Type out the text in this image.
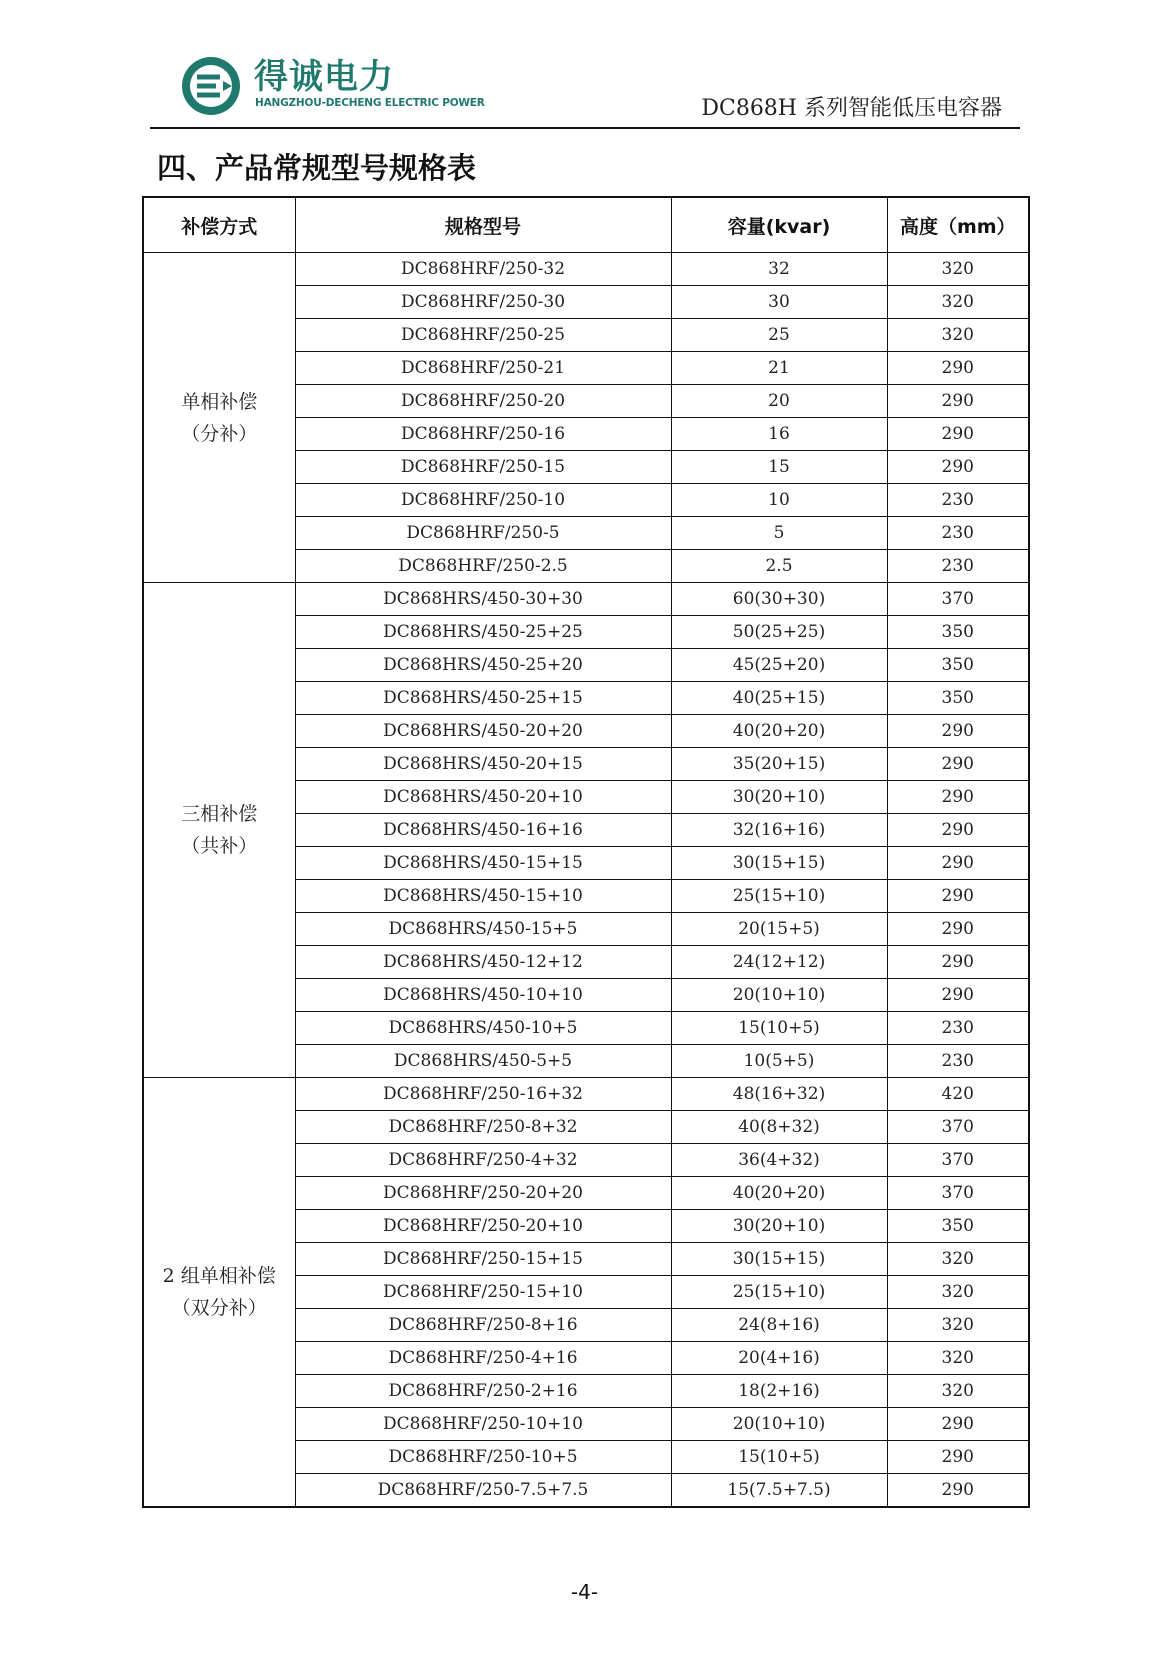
得诚电力
HANGZHOU-DECHENG ELECTRIC POWER	DC868H 系列智能低压电容器
四、产品常规型号规格表
补偿方式	规格型号	容量(kvar)	高度（mm）

单相补偿
（分补）	DC868HRF/250-32	32	320
	DC868HRF/250-30	30	320
	DC868HRF/250-25	25	320
	DC868HRF/250-21	21	290
	DC868HRF/250-20	20	290
	DC868HRF/250-16	16	290
	DC868HRF/250-15	15	290
	DC868HRF/250-10	10	230
	DC868HRF/250-5	5	230
	DC868HRF/250-2.5	2.5	230

三相补偿
（共补）	DC868HRS/450-30+30	60(30+30)	370
	DC868HRS/450-25+25	50(25+25)	350
	DC868HRS/450-25+20	45(25+20)	350
	DC868HRS/450-25+15	40(25+15)	350
	DC868HRS/450-20+20	40(20+20)	290
	DC868HRS/450-20+15	35(20+15)	290
	DC868HRS/450-20+10	30(20+10)	290
	DC868HRS/450-16+16	32(16+16)	290
	DC868HRS/450-15+15	30(15+15)	290
	DC868HRS/450-15+10	25(15+10)	290
	DC868HRS/450-15+5	20(15+5)	290
	DC868HRS/450-12+12	24(12+12)	290
	DC868HRS/450-10+10	20(10+10)	290
	DC868HRS/450-10+5	15(10+5)	230
	DC868HRS/450-5+5	10(5+5)	230

2 组单相补偿
（双分补）	DC868HRF/250-16+32	48(16+32)	420
	DC868HRF/250-8+32	40(8+32)	370
	DC868HRF/250-4+32	36(4+32)	370
	DC868HRF/250-20+20	40(20+20)	370
	DC868HRF/250-20+10	30(20+10)	350
	DC868HRF/250-15+15	30(15+15)	320
	DC868HRF/250-15+10	25(15+10)	320
	DC868HRF/250-8+16	24(8+16)	320
	DC868HRF/250-4+16	20(4+16)	320
	DC868HRF/250-2+16	18(2+16)	320
	DC868HRF/250-10+10	20(10+10)	290
	DC868HRF/250-10+5	15(10+5)	290
	DC868HRF/250-7.5+7.5	15(7.5+7.5)	290
-4-
